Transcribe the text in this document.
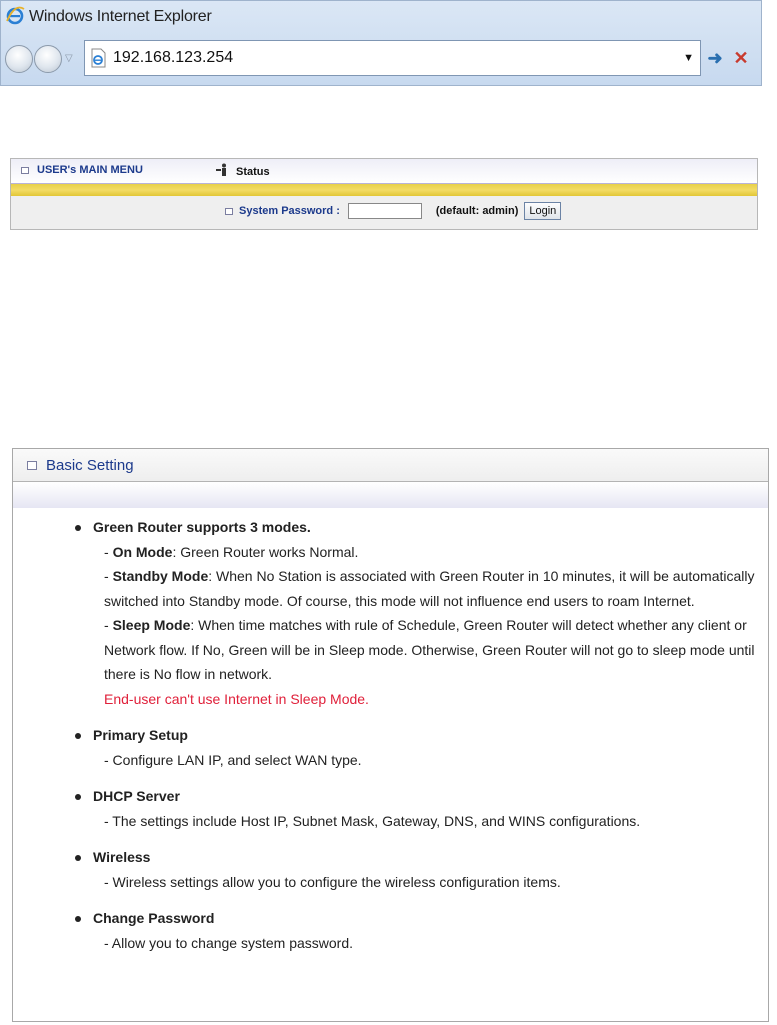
Windows Internet Explorer
▽	192.168.123.254	▼ ➜ ✕
USER's MAIN MENU	Status
System Password :	(default: admin)	Login
Basic Setting
Green Router supports 3 modes.
- On Mode: Green Router works Normal.
- Standby Mode: When No Station is associated with Green Router in 10 minutes, it will be automatically switched into Standby mode. Of course, this mode will not influence end users to roam Internet.
- Sleep Mode: When time matches with rule of Schedule, Green Router will detect whether any client or Network flow. If No, Green will be in Sleep mode. Otherwise, Green Router will not go to sleep mode until there is No flow in network.
End-user can't use Internet in Sleep Mode.
Primary Setup
- Configure LAN IP, and select WAN type.
DHCP Server
- The settings include Host IP, Subnet Mask, Gateway, DNS, and WINS configurations.
Wireless
- Wireless settings allow you to configure the wireless configuration items.
Change Password
- Allow you to change system password.
